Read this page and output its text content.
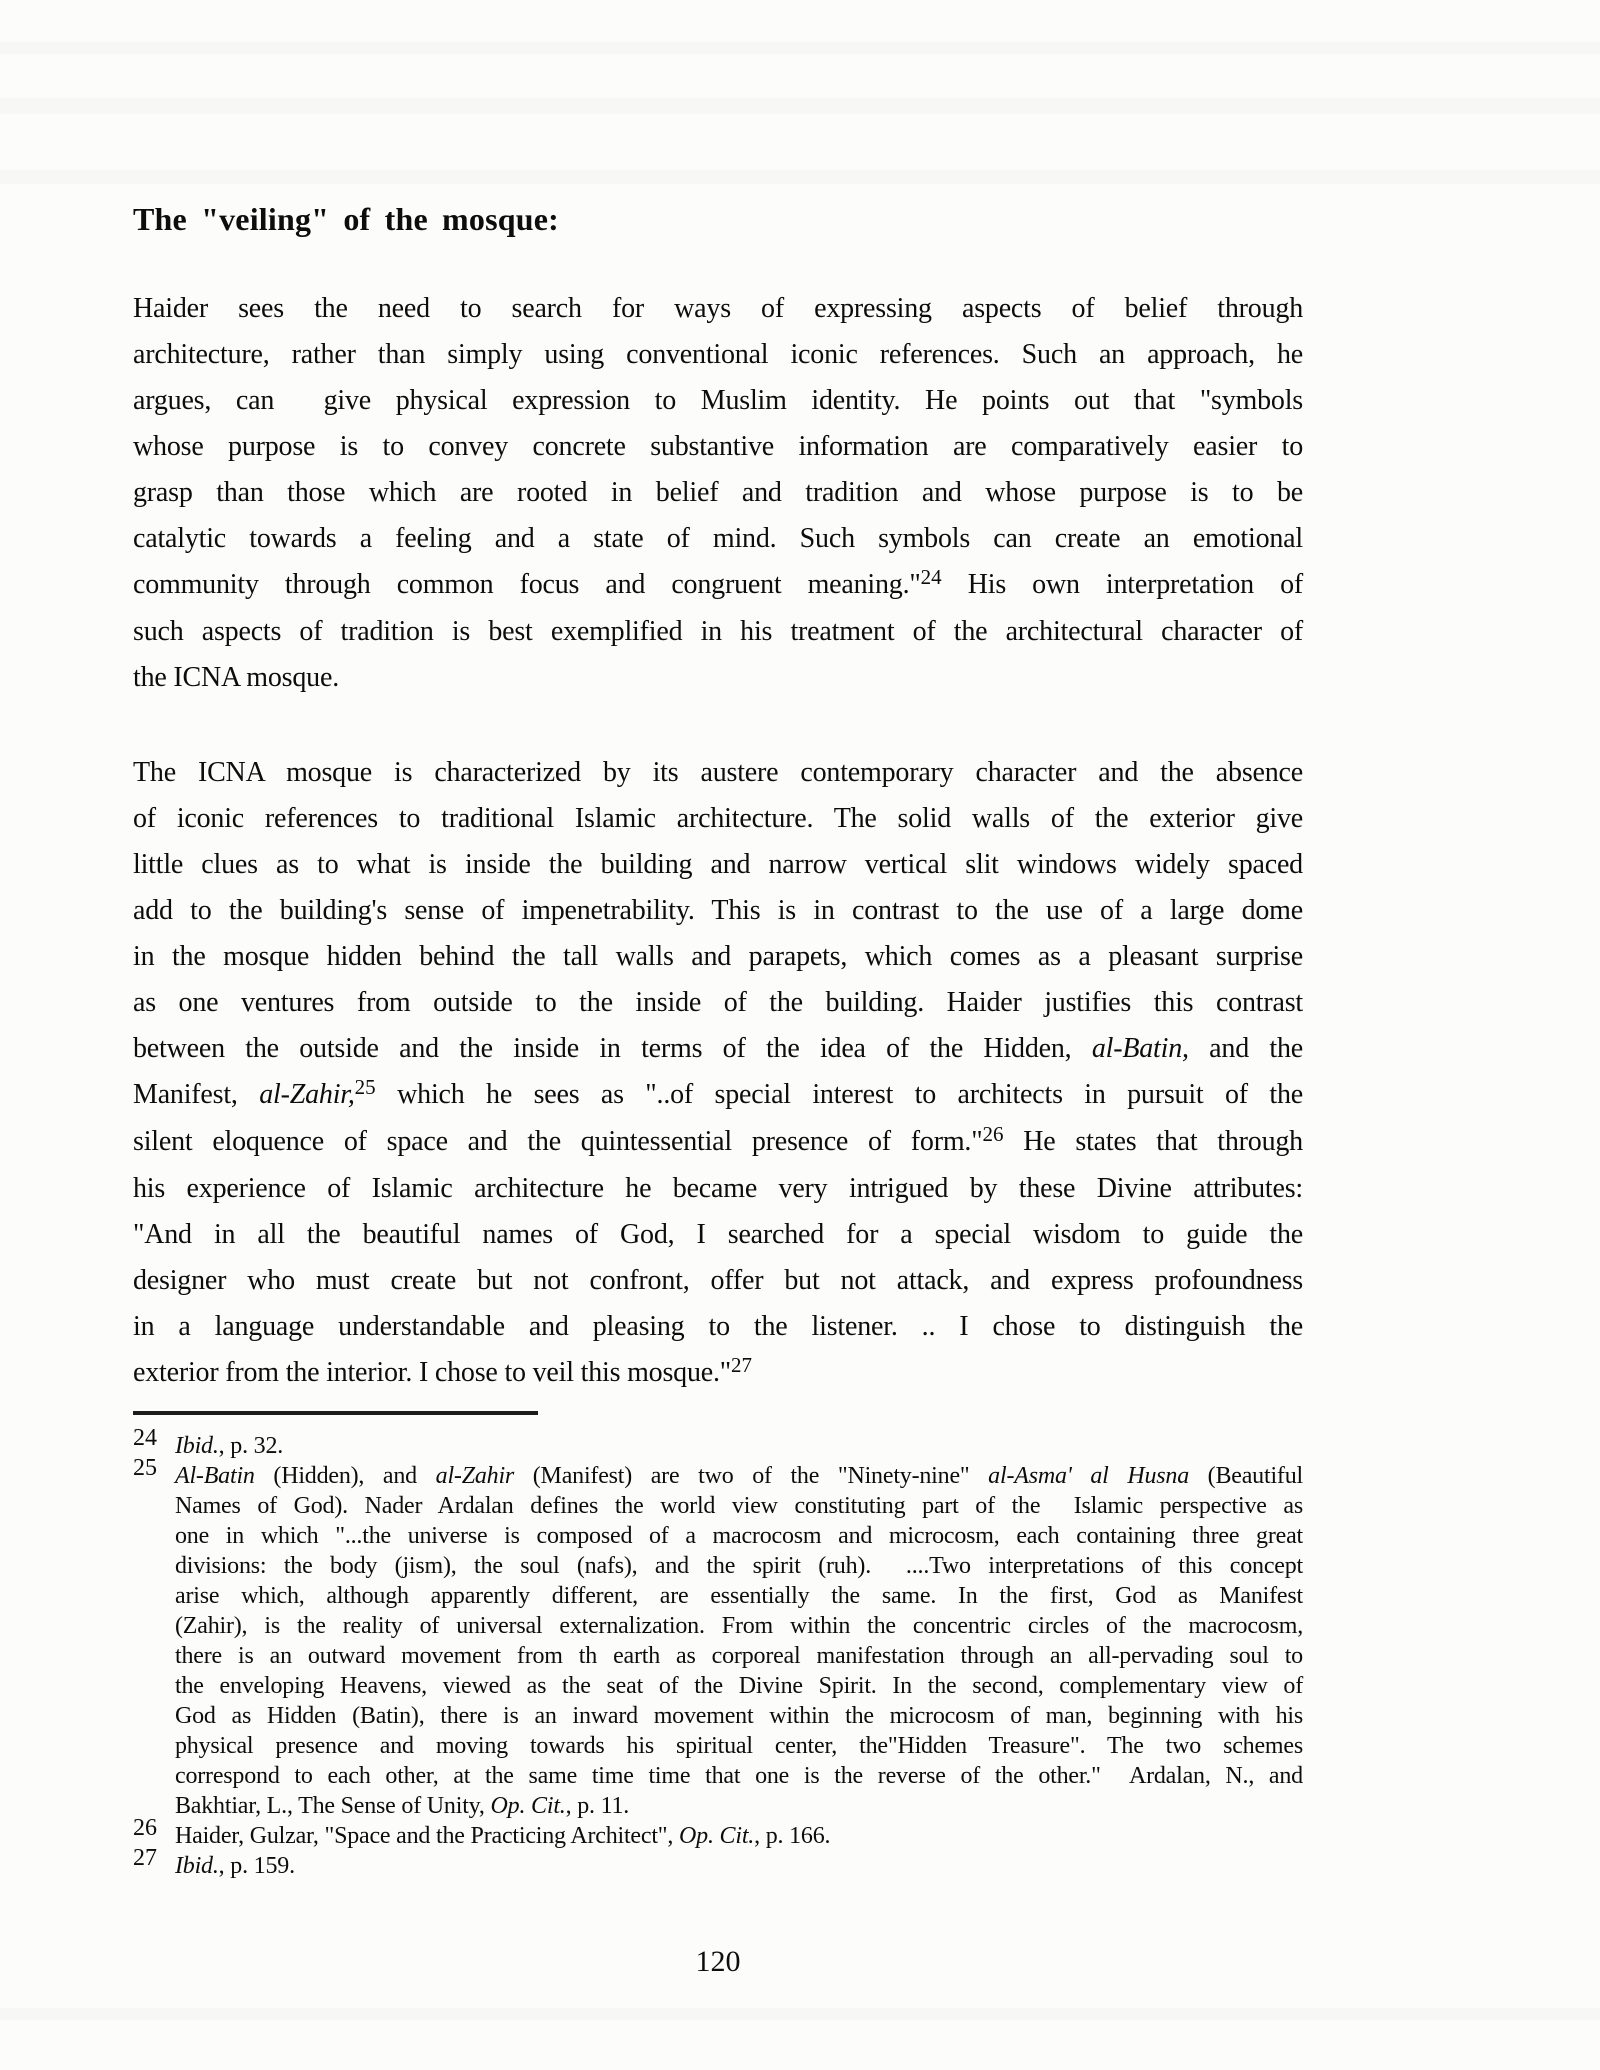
The "veiling" of the mosque:
Haider sees the need to search for ways of expressing aspects of belief through
architecture, rather than simply using conventional iconic references. Such an approach, he
argues, can  give physical expression to Muslim identity. He points out that "symbols
whose purpose is to convey concrete substantive information are comparatively easier to
grasp than those which are rooted in belief and tradition and whose purpose is to be
catalytic towards a feeling and a state of mind. Such symbols can create an emotional
community through common focus and congruent meaning."$^{24}$ His own interpretation of
such aspects of tradition is best exemplified in his treatment of the architectural character of
the ICNA mosque.
The ICNA mosque is characterized by its austere contemporary character and the absence
of iconic references to traditional Islamic architecture. The solid walls of the exterior give
little clues as to what is inside the building and narrow vertical slit windows widely spaced
add to the building's sense of impenetrability. This is in contrast to the use of a large dome
in the mosque hidden behind the tall walls and parapets, which comes as a pleasant surprise
as one ventures from outside to the inside of the building. Haider justifies this contrast
between the outside and the inside in terms of the idea of the Hidden, al-Batin, and the
Manifest, al-Zahir,$^{25}$ which he sees as "..of special interest to architects in pursuit of the
silent eloquence of space and the quintessential presence of form."$^{26}$ He states that through
his experience of Islamic architecture he became very intrigued by these Divine attributes:
"And in all the beautiful names of God, I searched for a special wisdom to guide the
designer who must create but not confront, offer but not attack, and express profoundness
in a language understandable and pleasing to the listener. .. I chose to distinguish the
exterior from the interior. I chose to veil this mosque."$^{27}$
24 Ibid., p. 32.
25 Al-Batin (Hidden), and al-Zahir (Manifest) are two of the "Ninety-nine" al-Asma' al Husna (Beautiful
Names of God). Nader Ardalan defines the world view constituting part of the  Islamic perspective as
one in which "...the universe is composed of a macrocosm and microcosm, each containing three great
divisions: the body (jism), the soul (nafs), and the spirit (ruh).  ....Two interpretations of this concept
arise which, although apparently different, are essentially the same. In the first, God as Manifest
(Zahir), is the reality of universal externalization. From within the concentric circles of the macrocosm,
there is an outward movement from th earth as corporeal manifestation through an all-pervading soul to
the enveloping Heavens, viewed as the seat of the Divine Spirit. In the second, complementary view of
God as Hidden (Batin), there is an inward movement within the microcosm of man, beginning with his
physical presence and moving towards his spiritual center, the"Hidden Treasure". The two schemes
correspond to each other, at the same time time that one is the reverse of the other."  Ardalan, N., and
Bakhtiar, L., The Sense of Unity, Op. Cit., p. 11.
26 Haider, Gulzar, "Space and the Practicing Architect", Op. Cit., p. 166.
27 Ibid., p. 159.
120
